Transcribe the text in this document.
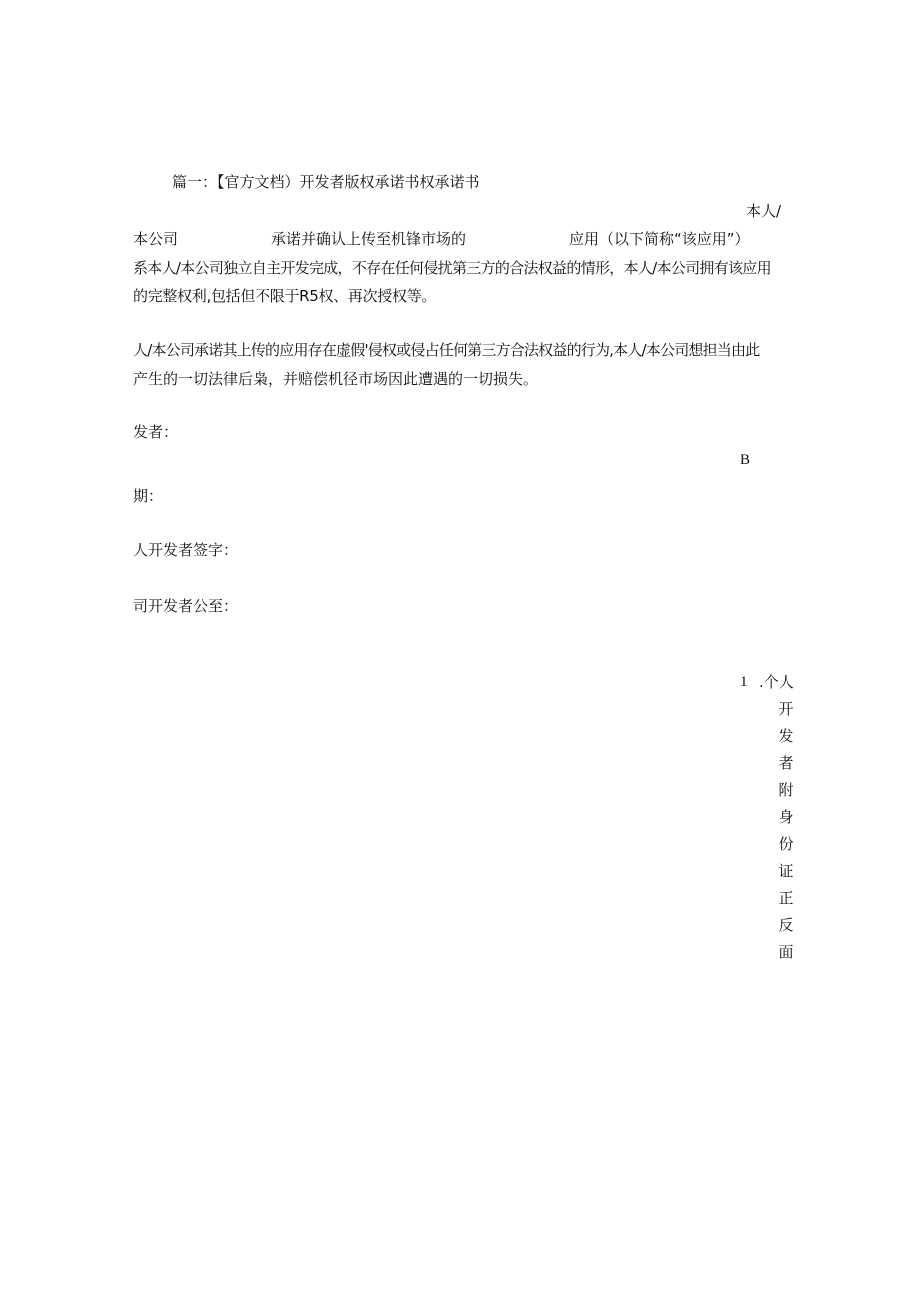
篇一：【官方文档）开发者版权承诺书权承诺书
本人/
本公司	承诺并确认上传至机锋市场的	应用（以下简称“该应用”）
系本人/本公司独立自主开发完成，不存在任何侵扰第三方的合法权益的情形，本人/本公司拥有该应用
的完整权利,包括但不限于R5权、再次授权等。
人/本公司承诺其上传的应用存在虚假'侵权或侵占任何第三方合法权益的行为,本人/本公司想担当由此
产生的一切法律后枭，并赔偿机径市场因此遭遇的一切损失。
发者：
B
期：
人开发者签字：
司开发者公至：
1 .个人
开
发
者
附
身
份
证
正
反
面
